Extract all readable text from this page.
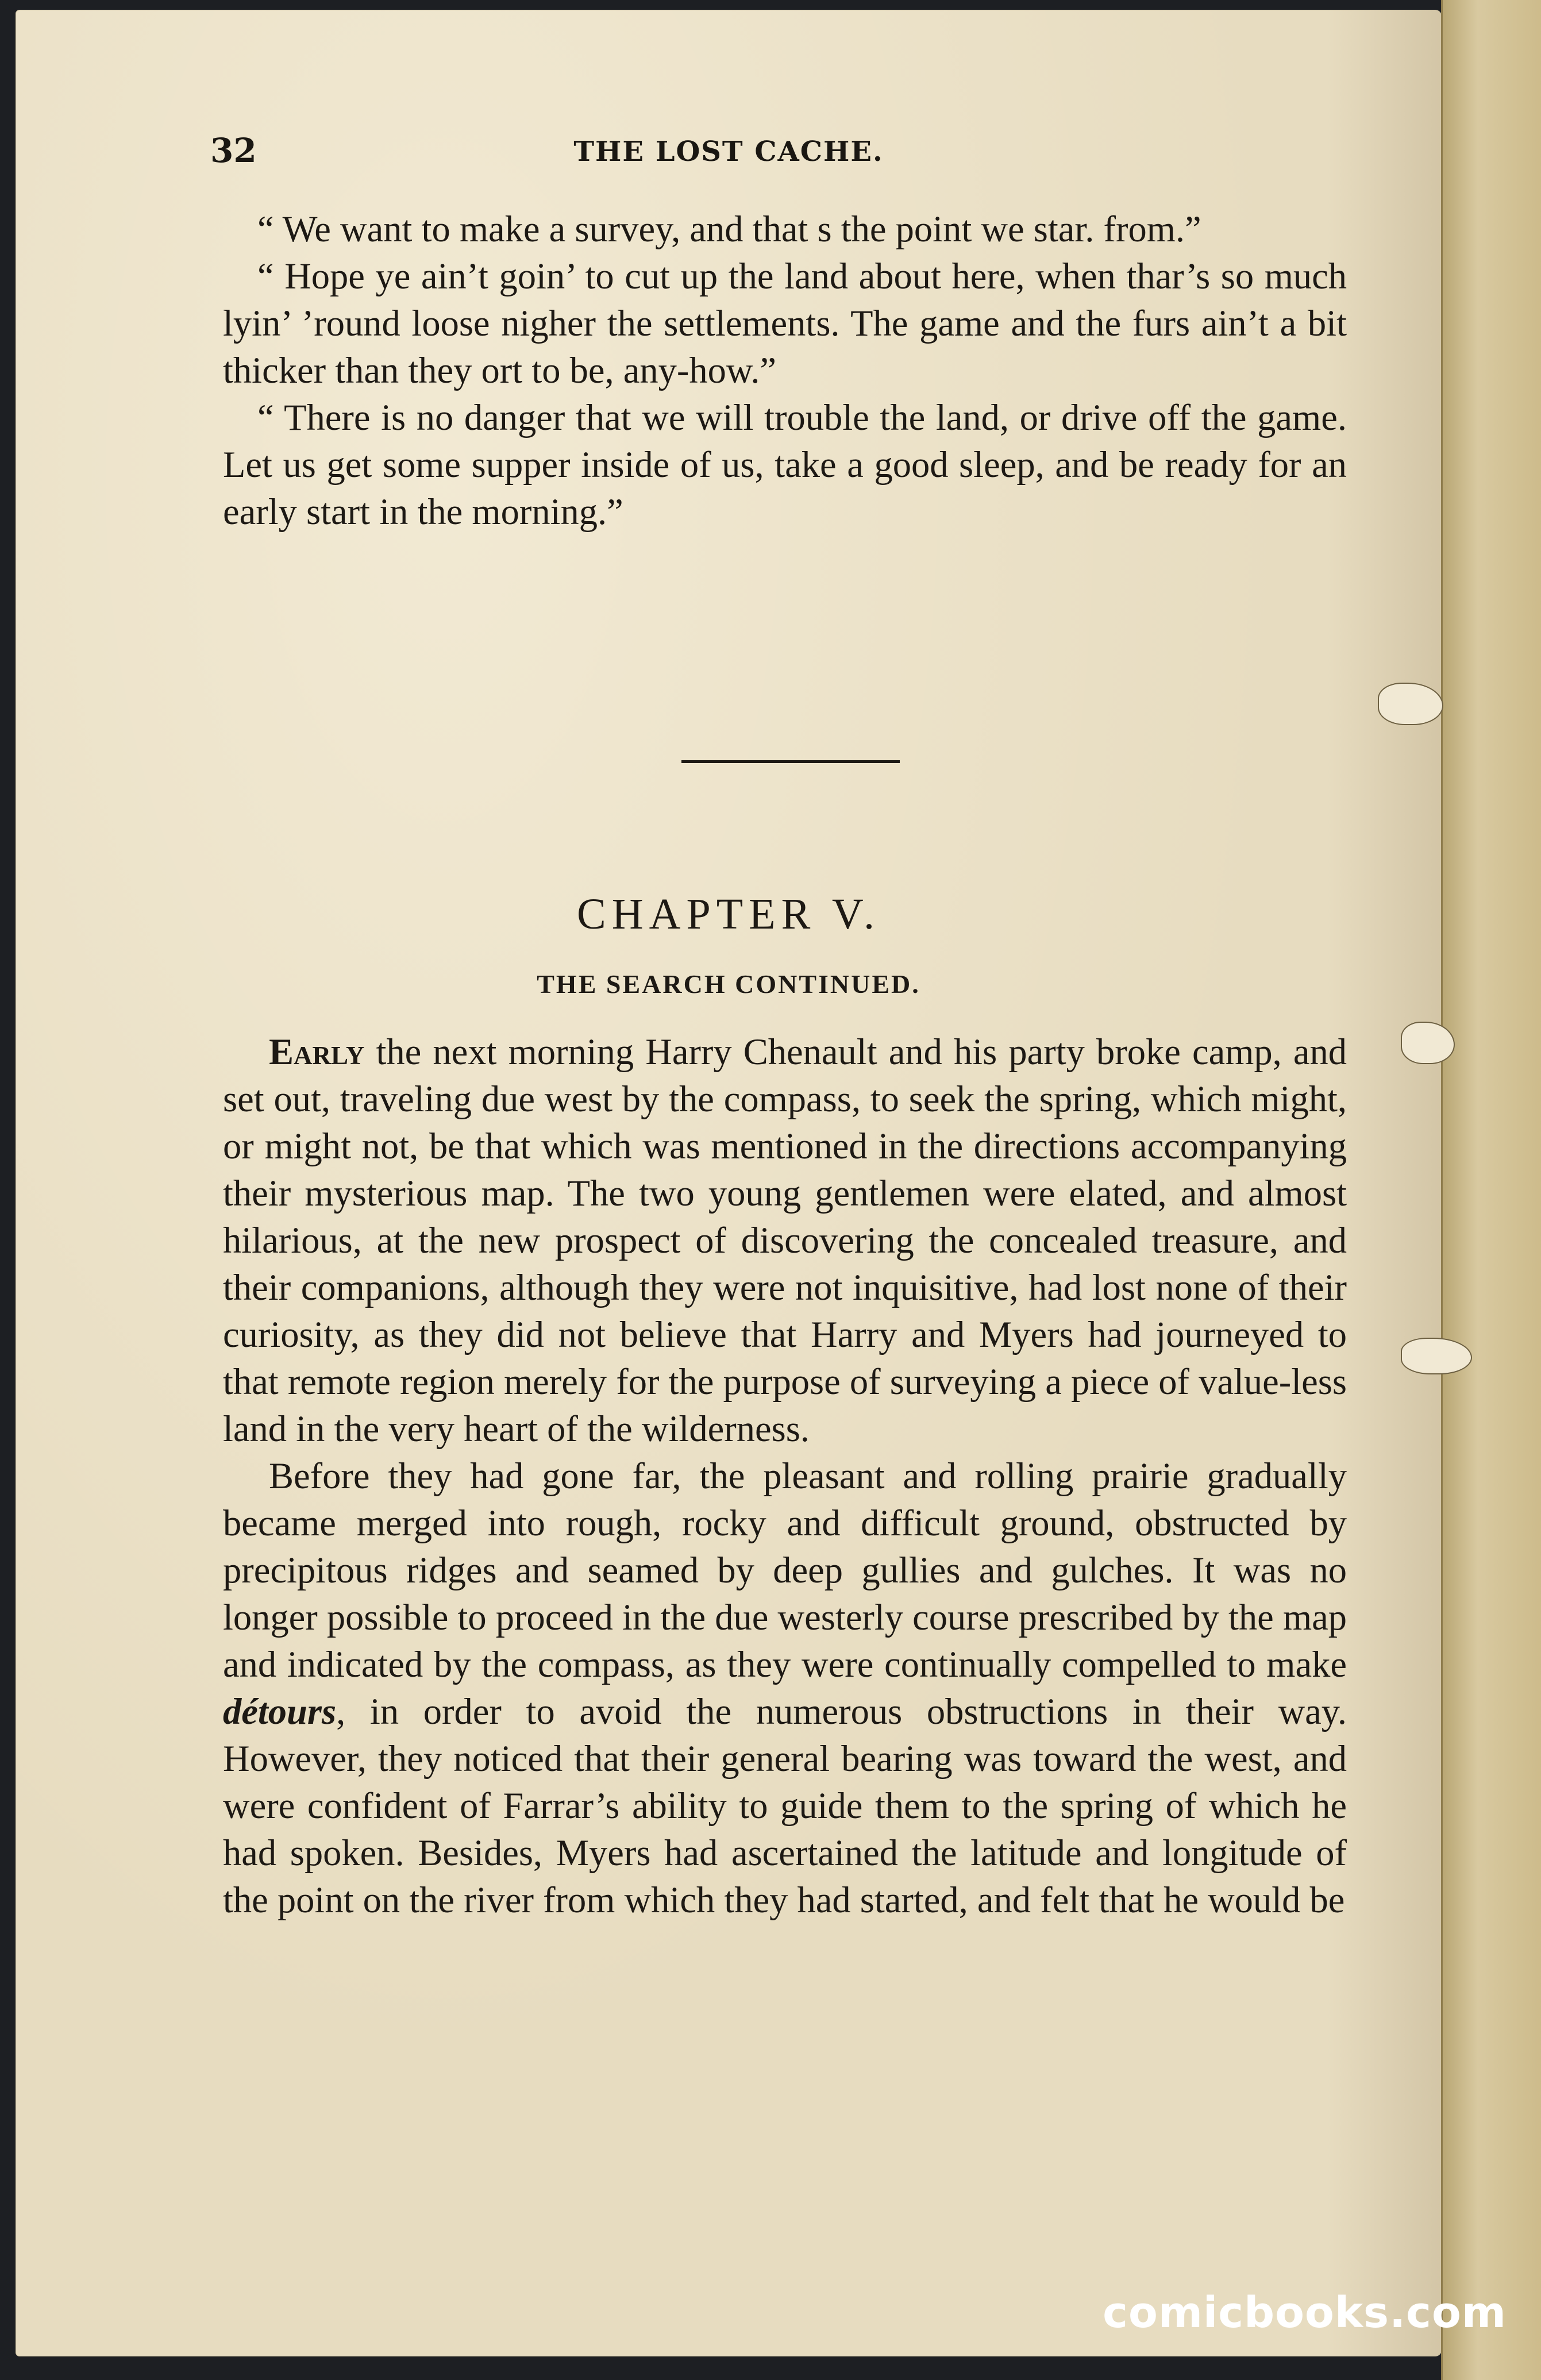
32	THE LOST CACHE.

“ We want to make a survey, and that s the point we star. from.”

“ Hope ye ain’t goin’ to cut up the land about here, when thar’s so much lyin’ ’round loose nigher the settlements. The game and the furs ain’t a bit thicker than they ort to be, any-how.”

“ There is no danger that we will trouble the land, or drive off the game. Let us get some supper inside of us, take a good sleep, and be ready for an early start in the morning.”

CHAPTER V.
THE SEARCH CONTINUED.

Early the next morning Harry Chenault and his party broke camp, and set out, traveling due west by the compass, to seek the spring, which might, or might not, be that which was mentioned in the directions accompanying their mysterious map. The two young gentlemen were elated, and almost hilarious, at the new prospect of discovering the concealed treasure, and their companions, although they were not inquisitive, had lost none of their curiosity, as they did not believe that Harry and Myers had journeyed to that remote region merely for the purpose of surveying a piece of value-less land in the very heart of the wilderness.

Before they had gone far, the pleasant and rolling prairie gradually became merged into rough, rocky and difficult ground, obstructed by precipitous ridges and seamed by deep gullies and gulches. It was no longer possible to proceed in the due westerly course prescribed by the map and indicated by the compass, as they were continually compelled to make détours, in order to avoid the numerous obstructions in their way. However, they noticed that their general bearing was toward the west, and were confident of Farrar’s ability to guide them to the spring of which he had spoken. Besides, Myers had ascertained the latitude and longitude of the point on the river from which they had started, and felt that he would be

comicbooks.com
